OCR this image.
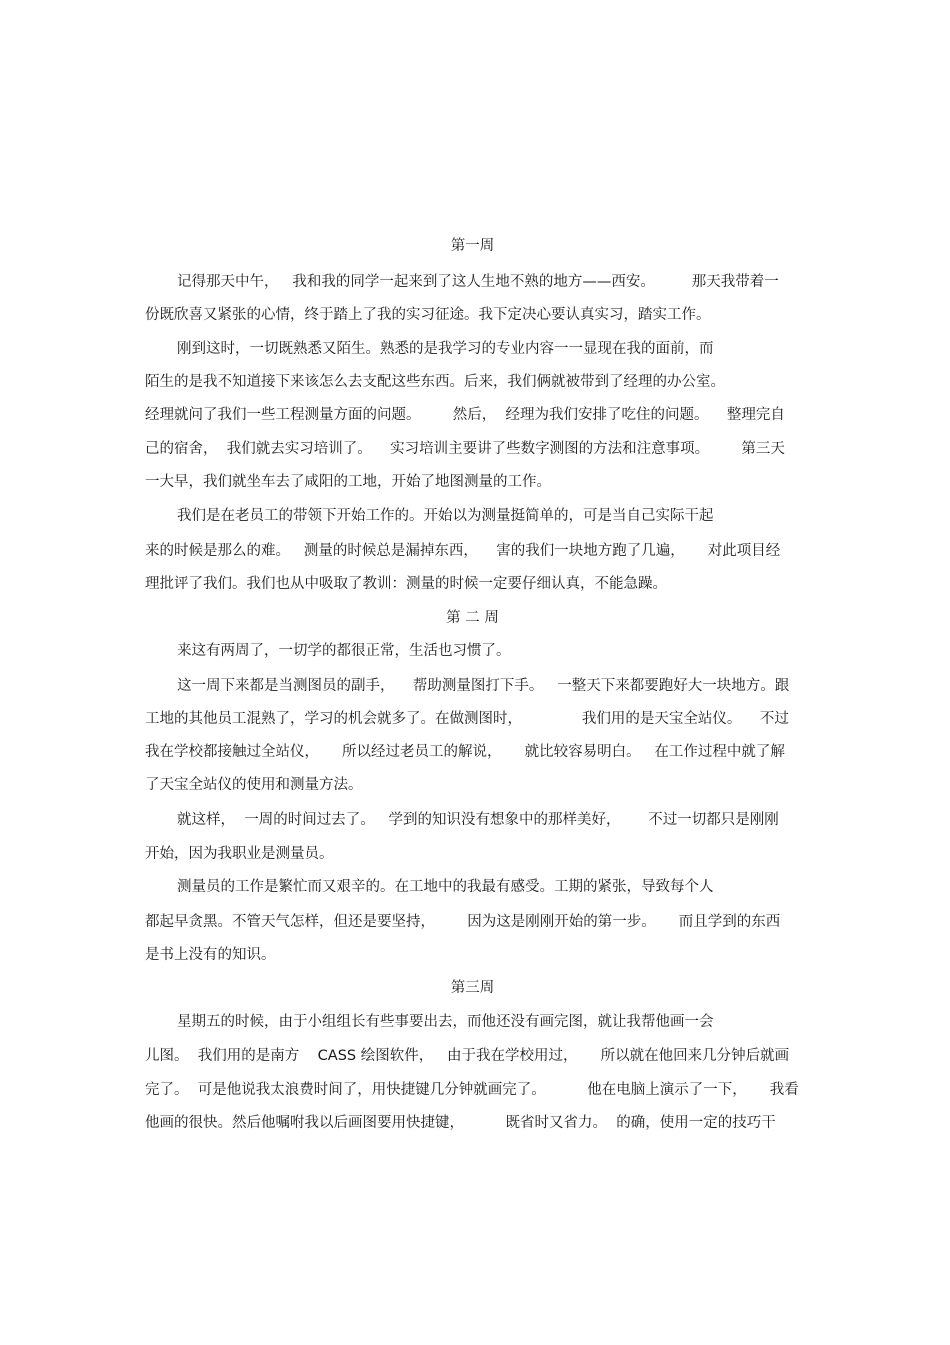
第一周
记得那天中午，   我和我的同学一起来到了这人生地不熟的地方——西安。        那天我带着一
份既欣喜又紧张的心情，终于踏上了我的实习征途。我下定决心要认真实习，踏实工作。
刚到这时，一切既熟悉又陌生。熟悉的是我学习的专业内容一一显现在我的面前，而
陌生的是我不知道接下来该怎么去支配这些东西。后来，我们俩就被带到了经理的办公室。
经理就问了我们一些工程测量方面的问题。       然后，  经理为我们安排了吃住的问题。    整理完自
己的宿舍，  我们就去实习培训了。    实习培训主要讲了些数字测图的方法和注意事项。       第三天
一大早，我们就坐车去了咸阳的工地，开始了地图测量的工作。
我们是在老员工的带领下开始工作的。开始以为测量挺简单的，可是当自己实际干起
来的时候是那么的难。   测量的时候总是漏掉东西，    害的我们一块地方跑了几遍，     对此项目经
理批评了我们。我们也从中吸取了教训：测量的时候一定要仔细认真，不能急躁。
第 二 周
来这有两周了，一切学的都很正常，生活也习惯了。
这一周下来都是当测图员的副手，    帮助测量图打下手。   一整天下来都要跑好大一块地方。跟
工地的其他员工混熟了，学习的机会就多了。在做测图时，             我们用的是天宝全站仪。    不过
我在学校都接触过全站仪，     所以经过老员工的解说，     就比较容易明白。   在工作过程中就了解
了天宝全站仪的使用和测量方法。
就这样，  一周的时间过去了。   学到的知识没有想象中的那样美好，      不过一切都只是刚刚
开始，因为我职业是测量员。
测量员的工作是繁忙而又艰辛的。在工地中的我最有感受。工期的紧张，导致每个人
都起早贪黑。不管天气怎样，但还是要坚持，       因为这是刚刚开始的第一步。     而且学到的东西
是书上没有的知识。
第三周
星期五的时候，由于小组组长有些事要出去，而他还没有画完图，就让我帮他画一会
儿图。  我们用的是南方    CASS 绘图软件，   由于我在学校用过，     所以就在他回来几分钟后就画
完了。  可是他说我太浪费时间了，用快捷键几分钟就画完了。         他在电脑上演示了一下，     我看
他画的很快。然后他嘱咐我以后画图要用快捷键，         既省时又省力。  的确，使用一定的技巧干
